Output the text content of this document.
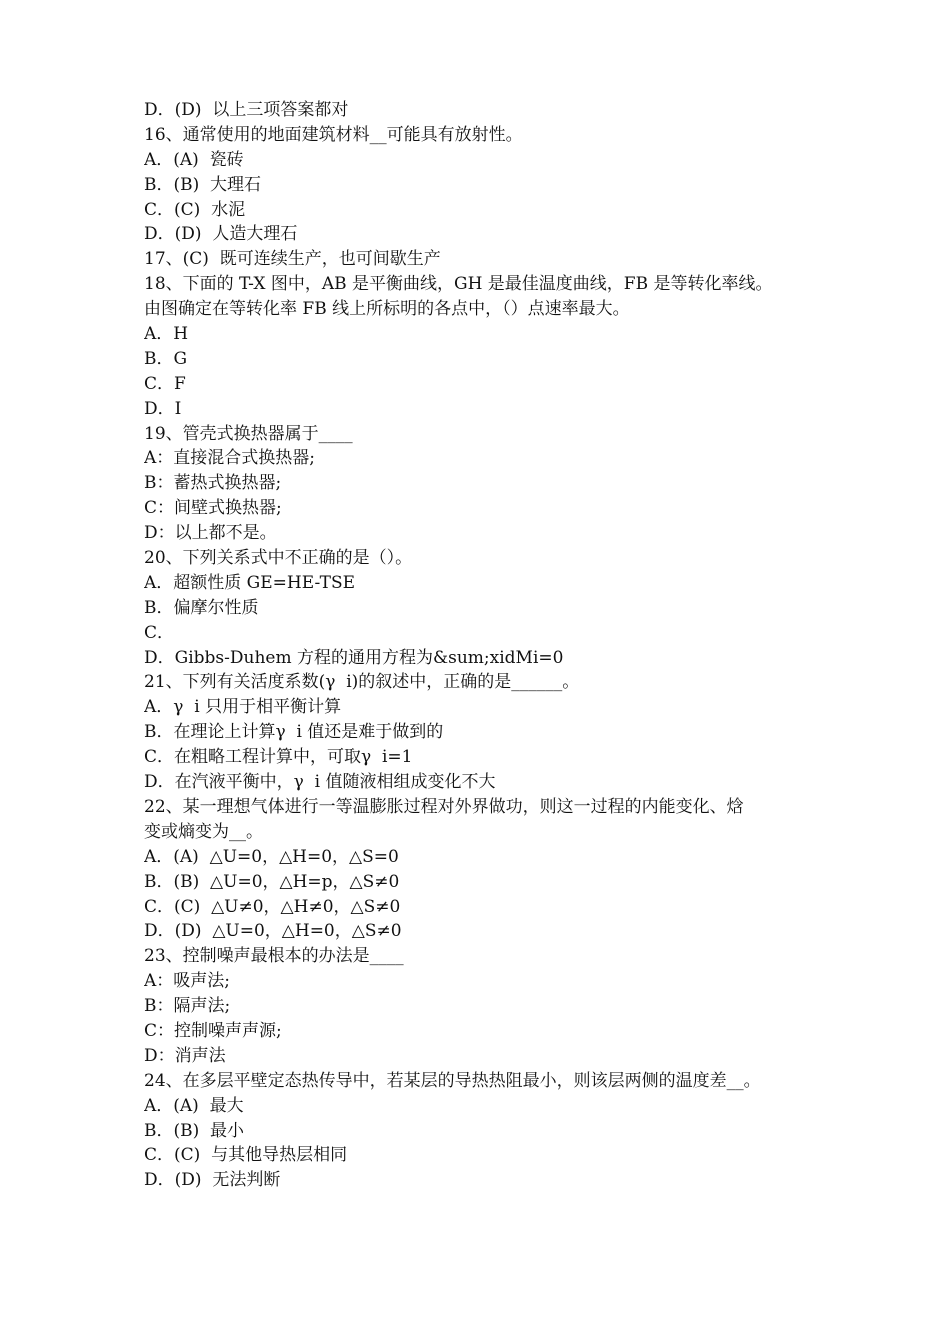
D．(D)  以上三项答案都对
16、通常使用的地面建筑材料__可能具有放射性。
A．(A)  瓷砖
B．(B)  大理石
C．(C)  水泥
D．(D)  人造大理石
17、(C)  既可连续生产，也可间歇生产
18、下面的 T-X 图中，AB 是平衡曲线，GH 是最佳温度曲线，FB 是等转化率线。
由图确定在等转化率 FB 线上所标明的各点中，（）点速率最大。
A．H
B．G
C．F
D．I
19、管壳式换热器属于____
A：直接混合式换热器;
B：蓄热式换热器;
C：间壁式换热器;
D：以上都不是。
20、下列关系式中不正确的是（）。
A．超额性质 GE=HE-TSE
B．偏摩尔性质
C．
D．Gibbs-Duhem 方程的通用方程为&sum;xidMi=0
21、下列有关活度系数(γ  i)的叙述中，正确的是______。
A．γ  i 只用于相平衡计算
B．在理论上计算γ  i 值还是难于做到的
C．在粗略工程计算中，可取γ  i=1
D．在汽液平衡中，γ  i 值随液相组成变化不大
22、某一理想气体进行一等温膨胀过程对外界做功，则这一过程的内能变化、焓
变或熵变为__。
A．(A)  △U=0，△H=0，△S=0
B．(B)  △U=0，△H=p，△S≠0
C．(C)  △U≠0，△H≠0，△S≠0
D．(D)  △U=0，△H=0，△S≠0
23、控制噪声最根本的办法是____
A：吸声法;
B：隔声法;
C：控制噪声声源;
D：消声法
24、在多层平壁定态热传导中，若某层的导热热阻最小，则该层两侧的温度差__。
A．(A)  最大
B．(B)  最小
C．(C)  与其他导热层相同
D．(D)  无法判断
